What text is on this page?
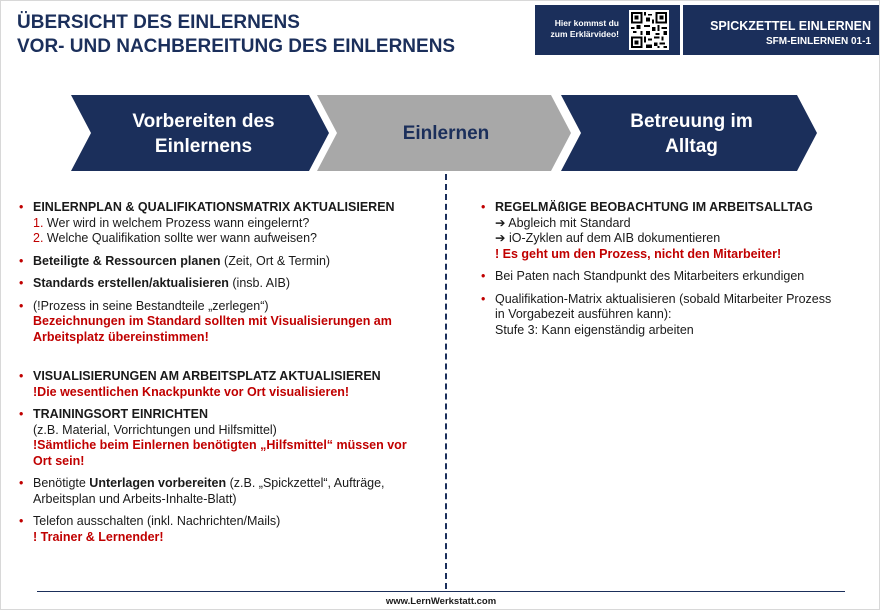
ÜBERSICHT DES EINLERNENS
VOR- UND NACHBEREITUNG DES EINLERNENS
Hier kommst du
zum Erklärvideo!
SPICKZETTEL EINLERNEN
SFM-EINLERNEN 01-1
Vorbereiten des
Einlernens
Einlernen
Betreuung im
Alltag
• EINLERNPLAN & QUALIFIKATIONSMATRIX AKTUALISIEREN
1. Wer wird in welchem Prozess wann eingelernt?
2. Welche Qualifikation sollte wer wann aufweisen?
• Beteiligte & Ressourcen planen (Zeit, Ort & Termin)
• Standards erstellen/aktualisieren (insb. AIB)
• (!Prozess in seine Bestandteile „zerlegen“)
Bezeichnungen im Standard sollten mit Visualisierungen am
Arbeitsplatz übereinstimmen!
• VISUALISIERUNGEN AM ARBEITSPLATZ AKTUALISIEREN
!Die wesentlichen Knackpunkte vor Ort visualisieren!
• TRAININGSORT EINRICHTEN
(z.B. Material, Vorrichtungen und Hilfsmittel)
!Sämtliche beim Einlernen benötigten „Hilfsmittel“ müssen vor
Ort sein!
• Benötigte Unterlagen vorbereiten (z.B. „Spickzettel“, Aufträge,
Arbeitsplan und Arbeits-Inhalte-Blatt)
• Telefon ausschalten (inkl. Nachrichten/Mails)
! Trainer & Lernender!
• REGELMÄßIGE BEOBACHTUNG IM ARBEITSALLTAG
➔ Abgleich mit Standard
➔ iO-Zyklen auf dem AIB dokumentieren
! Es geht um den Prozess, nicht den Mitarbeiter!
• Bei Paten nach Standpunkt des Mitarbeiters erkundigen
• Qualifikation-Matrix aktualisieren (sobald Mitarbeiter Prozess
in Vorgabezeit ausführen kann):
Stufe 3: Kann eigenständig arbeiten
www.LernWerkstatt.com
